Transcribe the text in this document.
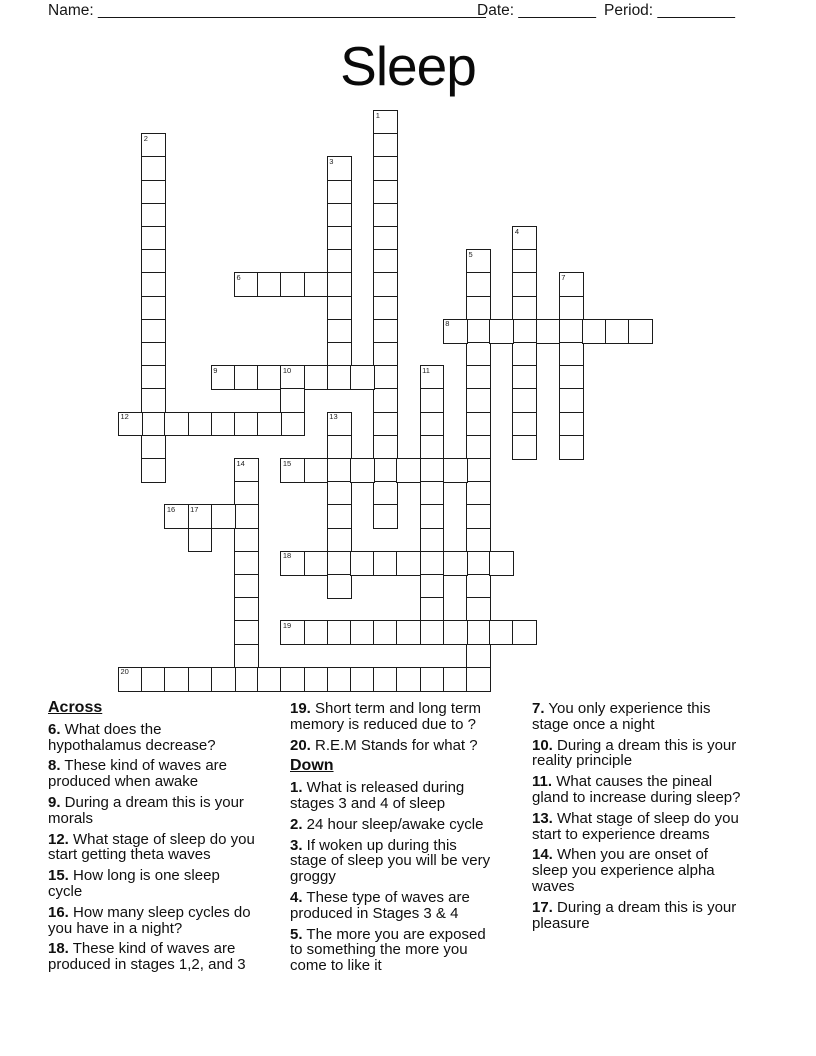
Name: _____________________________________________
Date: _________ Period: _________
Sleep
1
2
3
4
5
6	7
8
9	10	11
12	13
14	15
16 17
18
19
20
Across
6. What does the
hypothalamus decrease?
8. These kind of waves are
produced when awake
9. During a dream this is your
morals
12. What stage of sleep do you
start getting theta waves
15. How long is one sleep
cycle
16. How many sleep cycles do
you have in a night?
18. These kind of waves are
produced in stages 1,2, and 3
19. Short term and long term
memory is reduced due to ?
20. R.E.M Stands for what ?
Down
1. What is released during
stages 3 and 4 of sleep
2. 24 hour sleep/awake cycle
3. If woken up during this
stage of sleep you will be very
groggy
4. These type of waves are
produced in Stages 3 & 4
5. The more you are exposed
to something the more you
come to like it
7. You only experience this
stage once a night
10. During a dream this is your
reality principle
11. What causes the pineal
gland to increase during sleep?
13. What stage of sleep do you
start to experience dreams
14. When you are onset of
sleep you experience alpha
waves
17. During a dream this is your
pleasure
